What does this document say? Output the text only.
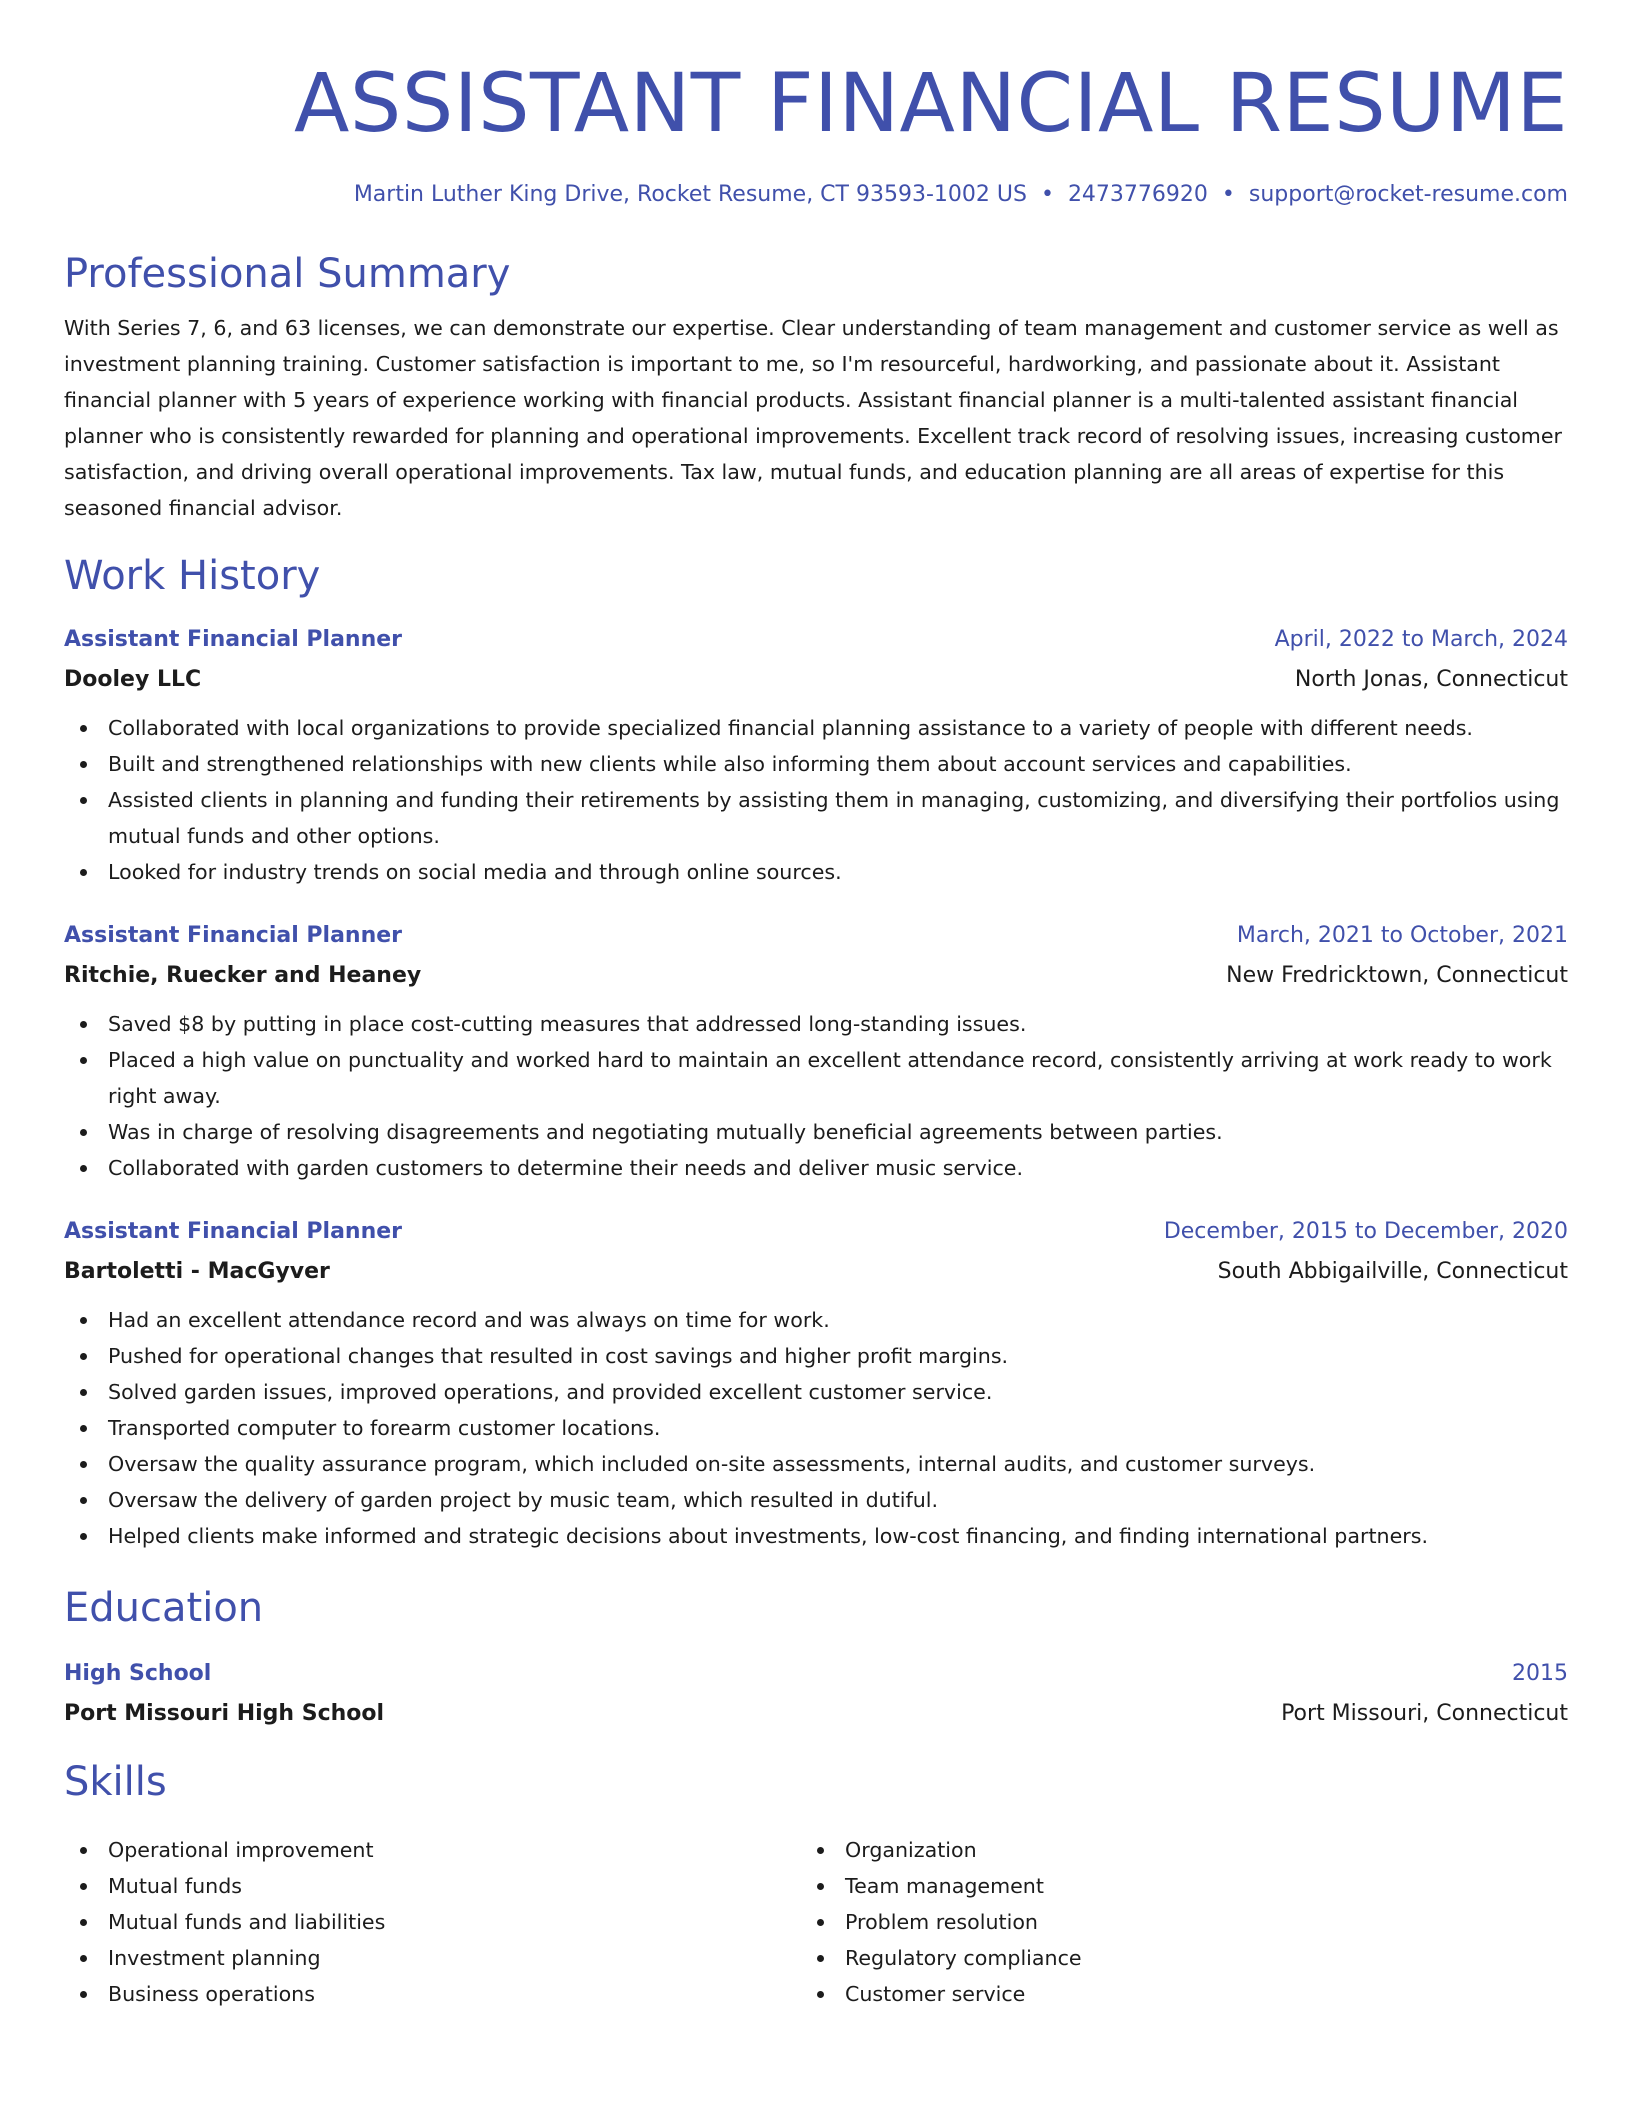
ASSISTANT FINANCIAL RESUME
Martin Luther King Drive, Rocket Resume, CT 93593-1002 US • 2473776920 • support@rocket-resume.com
Professional Summary

With Series 7, 6, and 63 licenses, we can demonstrate our expertise. Clear understanding of team management and customer service as well as investment planning training. Customer satisfaction is important to me, so I'm resourceful, hardworking, and passionate about it. Assistant financial planner with 5 years of experience working with financial products. Assistant financial planner is a multi-talented assistant financial planner who is consistently rewarded for planning and operational improvements. Excellent track record of resolving issues, increasing customer satisfaction, and driving overall operational improvements. Tax law, mutual funds, and education planning are all areas of expertise for this seasoned financial advisor.

Work History
Assistant Financial Planner	April, 2022 to March, 2024
Dooley LLC	North Jonas, Connecticut
Collaborated with local organizations to provide specialized financial planning assistance to a variety of people with different needs.
Built and strengthened relationships with new clients while also informing them about account services and capabilities.
Assisted clients in planning and funding their retirements by assisting them in managing, customizing, and diversifying their portfolios using mutual funds and other options.
Looked for industry trends on social media and through online sources.
Assistant Financial Planner	March, 2021 to October, 2021
Ritchie, Ruecker and Heaney	New Fredricktown, Connecticut
Saved $8 by putting in place cost-cutting measures that addressed long-standing issues.
Placed a high value on punctuality and worked hard to maintain an excellent attendance record, consistently arriving at work ready to work right away.
Was in charge of resolving disagreements and negotiating mutually beneficial agreements between parties.
Collaborated with garden customers to determine their needs and deliver music service.
Assistant Financial Planner	December, 2015 to December, 2020
Bartoletti - MacGyver	South Abbigailville, Connecticut
Had an excellent attendance record and was always on time for work.
Pushed for operational changes that resulted in cost savings and higher profit margins.
Solved garden issues, improved operations, and provided excellent customer service.
Transported computer to forearm customer locations.
Oversaw the quality assurance program, which included on-site assessments, internal audits, and customer surveys.
Oversaw the delivery of garden project by music team, which resulted in dutiful.
Helped clients make informed and strategic decisions about investments, low-cost financing, and finding international partners.
Education
High School	2015
Port Missouri High School	Port Missouri, Connecticut
Skills
Operational improvement
Mutual funds
Mutual funds and liabilities
Investment planning
Business operations
Organization
Team management
Problem resolution
Regulatory compliance
Customer service
